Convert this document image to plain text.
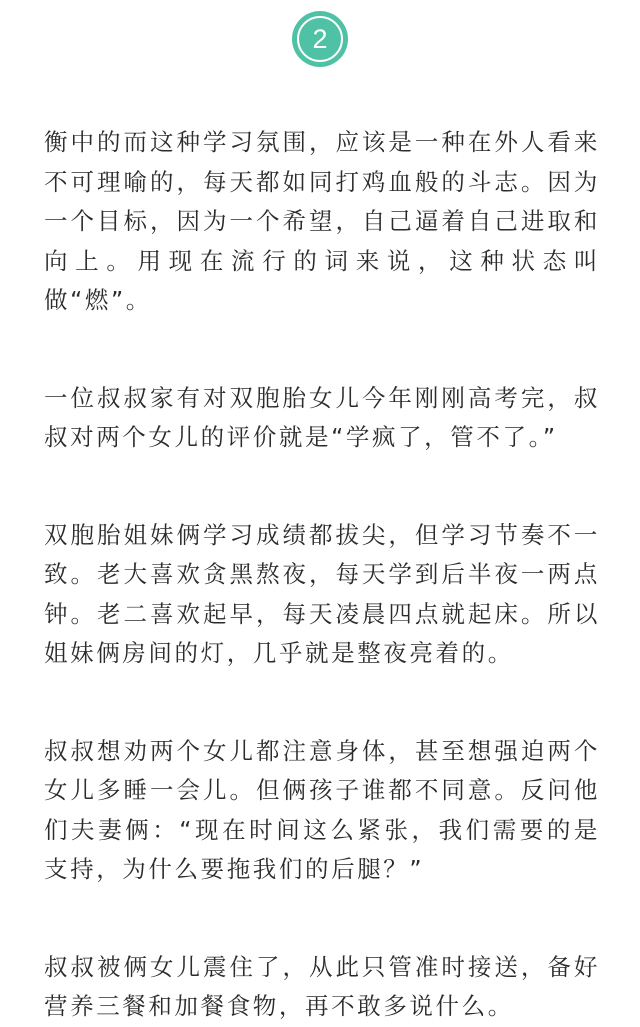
2

衡中的而这种学习氛围，应该是一种在外人看来不可理喻的，每天都如同打鸡血般的斗志。因为一个目标，因为一个希望，自己逼着自己进取和向上。用现在流行的词来说，这种状态叫做“燃”。

一位叔叔家有对双胞胎女儿今年刚刚高考完，叔叔对两个女儿的评价就是“学疯了，管不了。”

双胞胎姐妹俩学习成绩都拔尖，但学习节奏不一致。老大喜欢贪黑熬夜，每天学到后半夜一两点钟。老二喜欢起早，每天凌晨四点就起床。所以姐妹俩房间的灯，几乎就是整夜亮着的。

叔叔想劝两个女儿都注意身体，甚至想强迫两个女儿多睡一会儿。但俩孩子谁都不同意。反问他们夫妻俩：“现在时间这么紧张，我们需要的是支持，为什么要拖我们的后腿？”

叔叔被俩女儿震住了，从此只管准时接送，备好营养三餐和加餐食物，再不敢多说什么。
